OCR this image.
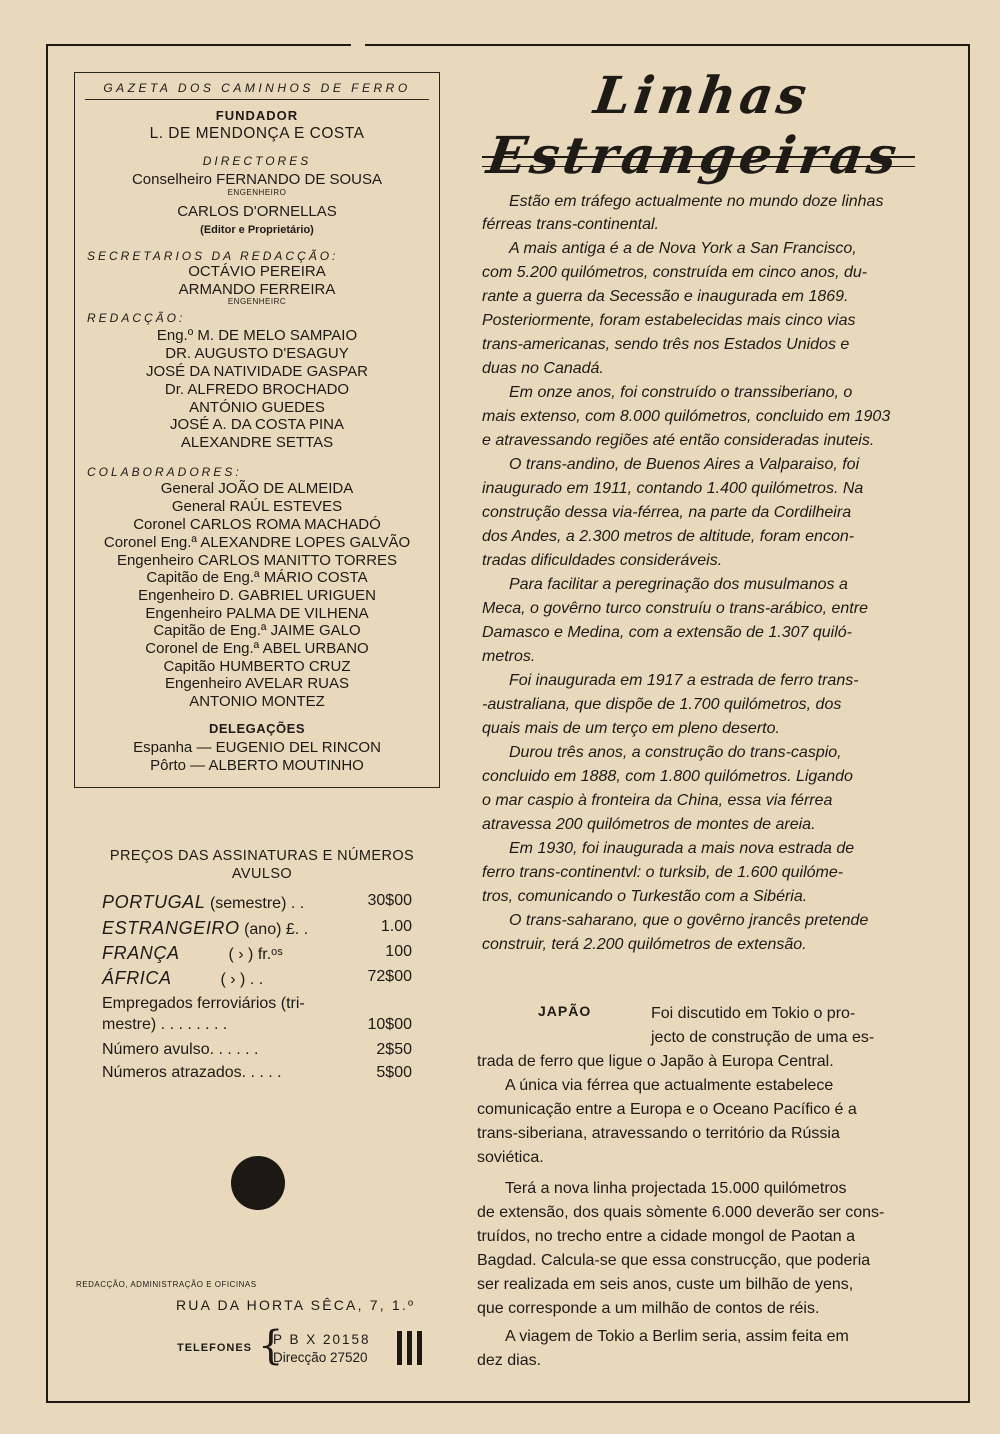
GAZETA DOS CAMINHOS DE FERRO
FUNDADOR
L. DE MENDONÇA E COSTA
DIRECTORES
Conselheiro FERNANDO DE SOUSA
ENGENHEIRO
CARLOS D'ORNELLAS
(Editor e Proprietário)
SECRETARIOS DA REDACÇÃO:
OCTÁVIO PEREIRA
ARMANDO FERREIRA
ENGENHEIRC
REDACÇÃO:
Eng.º M. DE MELO SAMPAIO
DR. AUGUSTO D'ESAGUY
JOSÉ DA NATIVIDADE GASPAR
Dr. ALFREDO BROCHADO
ANTÓNIO GUEDES
JOSÉ A. DA COSTA PINA
ALEXANDRE SETTAS
COLABORADORES:
General JOÃO DE ALMEIDA
General RAÚL ESTEVES
Coronel CARLOS ROMA MACHADÓ
Coronel Eng.ª ALEXANDRE LOPES GALVÃO
Engenheiro CARLOS MANITTO TORRES
Capitão de Eng.ª MÁRIO COSTA
Engenheiro D. GABRIEL URIGUEN
Engenheiro PALMA DE VILHENA
Capitão de Eng.ª JAIME GALO
Coronel de Eng.ª ABEL URBANO
Capitão HUMBERTO CRUZ
Engenheiro AVELAR RUAS
ANTONIO MONTEZ
DELEGAÇÕES
Espanha — EUGENIO DEL RINCON
Pôrto — ALBERTO MOUTINHO
PREÇOS DAS ASSINATURAS E NÚMEROS
AVULSO
PORTUGAL (semestre) . .	30$00
ESTRANGEIRO (ano) £. .	1.00
FRANÇA           ( › ) fr.ᵒˢ	100
ÁFRICA           ( › ) . .	72$00
Empregados ferroviários (tri-
mestre) . . . . . . . .	10$00
Número avulso. . . . . .	2$50
Números atrazados. . . . .	5$00
REDACÇÃO, ADMINISTRAÇÃO E OFICINAS
RUA DA HORTA SÊCA, 7, 1.º
TELEFONES {
P B X 20158
Direcção 27520
Linhas Estrangeiras
Estão em tráfego actualmente no mundo doze linhas
férreas trans-continental.
A mais antiga é a de Nova York a San Francisco,
com 5.200 quilómetros, construída em cinco anos, du-
rante a guerra da Secessão e inaugurada em 1869.
Posteriormente, foram estabelecidas mais cinco vias
trans-americanas, sendo três nos Estados Unidos e
duas no Canadá.
Em onze anos, foi construído o transsiberiano, o
mais extenso, com 8.000 quilómetros, concluido em 1903
e atravessando regiões até então consideradas inuteis.
O trans-andino, de Buenos Aires a Valparaiso, foi
inaugurado em 1911, contando 1.400 quilómetros. Na
construção dessa via-férrea, na parte da Cordilheira
dos Andes, a 2.300 metros de altitude, foram encon-
tradas dificuldades consideráveis.
Para facilitar a peregrinação dos musulmanos a
Meca, o govêrno turco construíu o trans-arábico, entre
Damasco e Medina, com a extensão de 1.307 quiló-
metros.
Foi inaugurada em 1917 a estrada de ferro trans-
-australiana, que dispõe de 1.700 quilómetros, dos
quais mais de um terço em pleno deserto.
Durou três anos, a construção do trans-caspio,
concluido em 1888, com 1.800 quilómetros. Ligando
o mar caspio à fronteira da China, essa via férrea
atravessa 200 quilómetros de montes de areia.
Em 1930, foi inaugurada a mais nova estrada de
ferro trans-continentvl: o turksib, de 1.600 quilóme-
tros, comunicando o Turkestão com a Sibéria.
O trans-saharano, que o govêrno jrancês pretende
construir, terá 2.200 quilómetros de extensão.
JAPÃO	Foi discutido em Tokio o pro-
jecto de construção de uma es-
trada de ferro que ligue o Japão à Europa Central.
A única via férrea que actualmente estabelece
comunicação entre a Europa e o Oceano Pacífico é a
trans-siberiana, atravessando o território da Rússia
soviética.
Terá a nova linha projectada 15.000 quilómetros
de extensão, dos quais sòmente 6.000 deverão ser cons-
truídos, no trecho entre a cidade mongol de Paotan a
Bagdad. Calcula-se que essa construcção, que poderia
ser realizada em seis anos, custe um bilhão de yens,
que corresponde a um milhão de contos de réis.
A viagem de Tokio a Berlim seria, assim feita em
dez dias.
